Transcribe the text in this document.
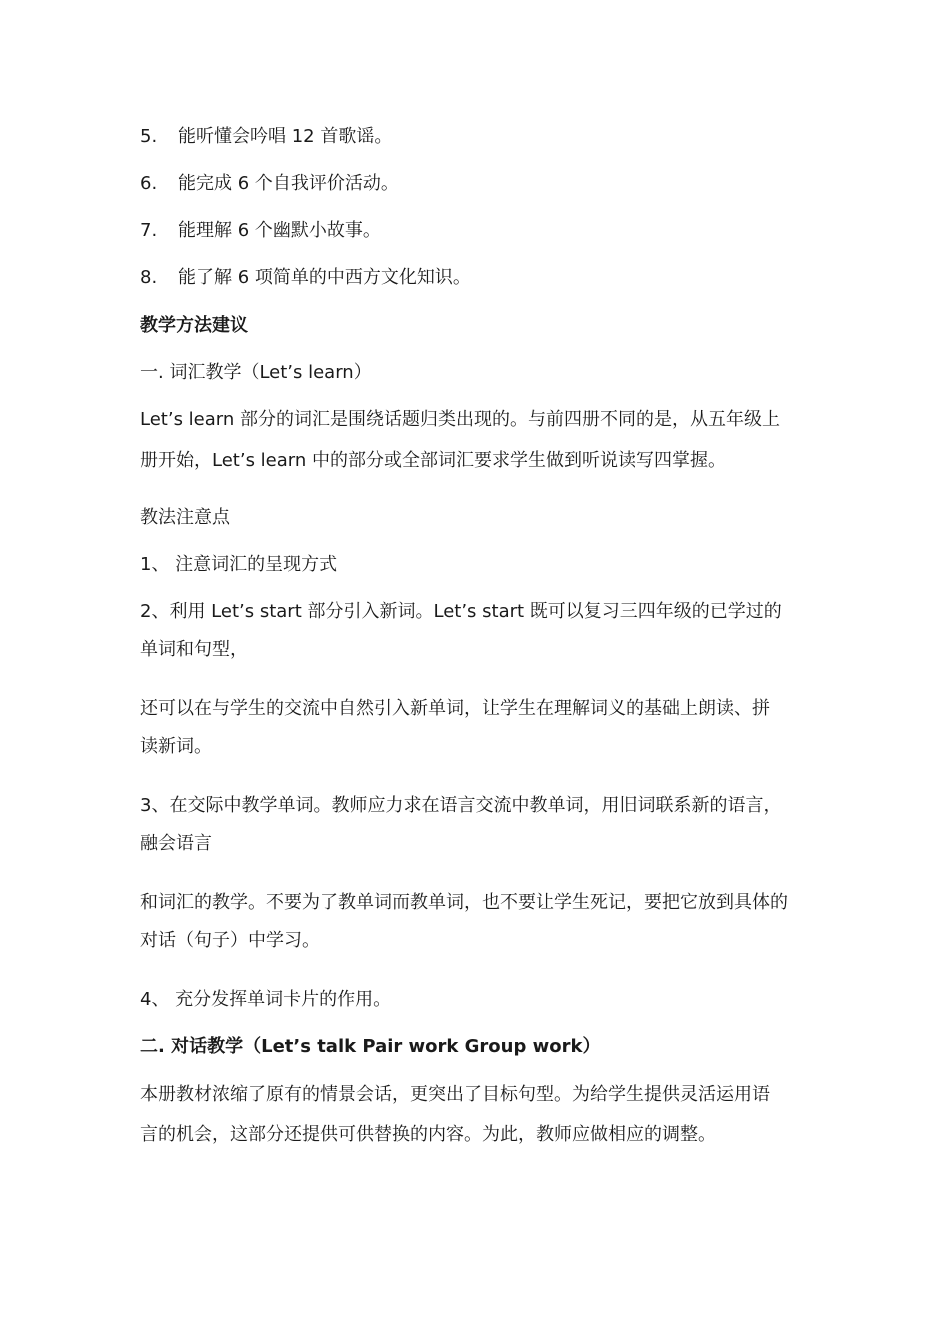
5. 能听懂会吟唱 12 首歌谣。
6. 能完成 6 个自我评价活动。
7. 能理解 6 个幽默小故事。
8. 能了解 6 项简单的中西方文化知识。
教学方法建议
一. 词汇教学（Let’s learn）
Let’s learn 部分的词汇是围绕话题归类出现的。与前四册不同的是，从五年级上
册开始，Let’s learn 中的部分或全部词汇要求学生做到听说读写四掌握。
教法注意点
1、 注意词汇的呈现方式
2、利用 Let’s start 部分引入新词。Let’s start 既可以复习三四年级的已学过的
单词和句型，
还可以在与学生的交流中自然引入新单词，让学生在理解词义的基础上朗读、拼
读新词。
3、在交际中教学单词。教师应力求在语言交流中教单词，用旧词联系新的语言，
融会语言
和词汇的教学。不要为了教单词而教单词，也不要让学生死记，要把它放到具体的
对话（句子）中学习。
4、 充分发挥单词卡片的作用。
二. 对话教学（Let’s talk Pair work Group work）
本册教材浓缩了原有的情景会话，更突出了目标句型。为给学生提供灵活运用语
言的机会，这部分还提供可供替换的内容。为此，教师应做相应的调整。
